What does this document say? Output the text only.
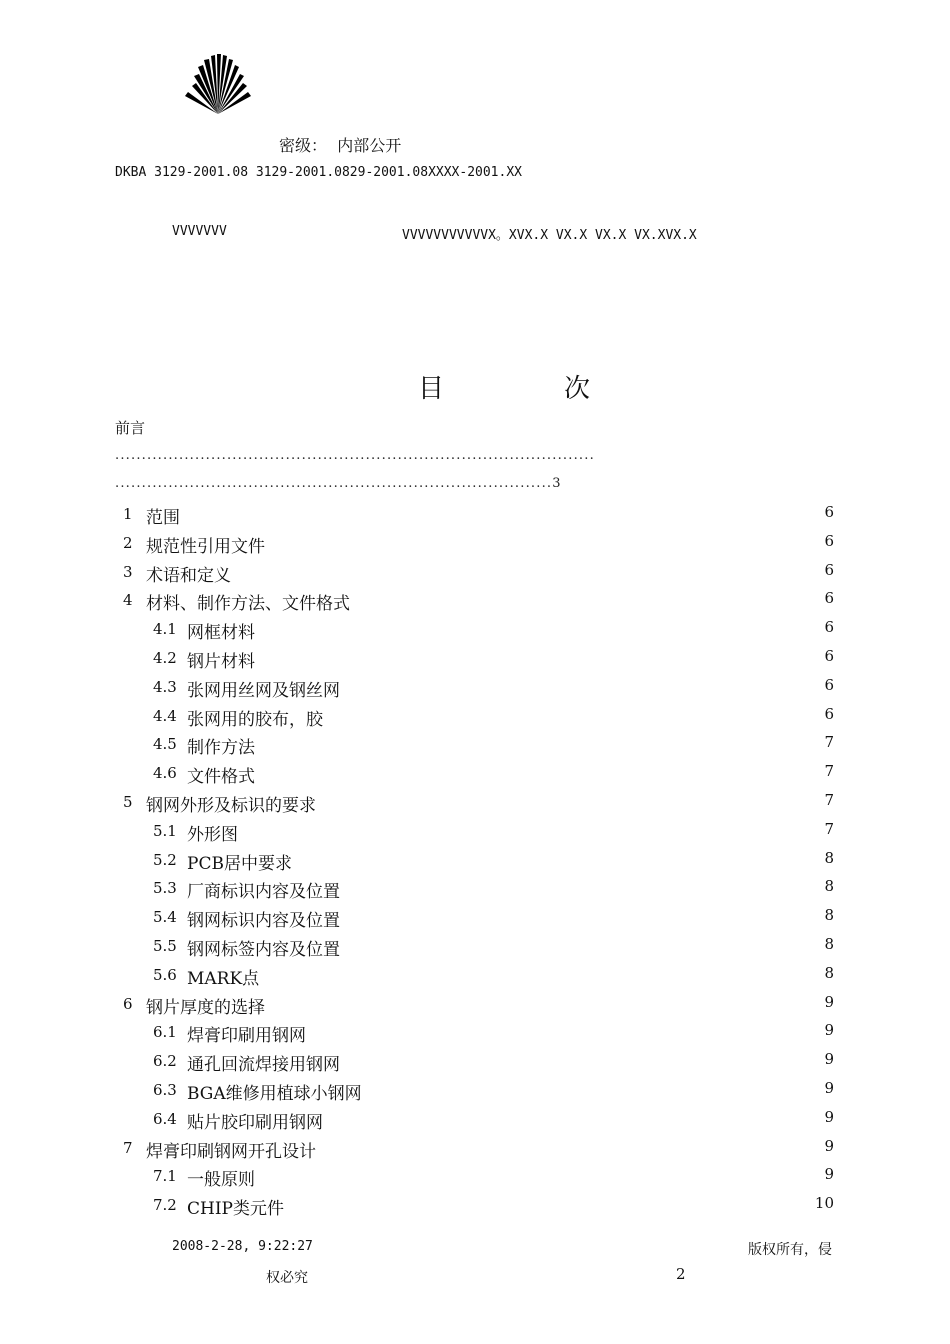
密级： 内部公开
DKBA 3129-2001.08 3129-2001.0829-2001.08XXXX-2001.XX
VVVVVVV	VVVVVVVVVVVX。XVX.X VX.X VX.X VX.XVX.X
目	次
前言
..........................................................................................
..................................................................................3
1 范围	6
2 规范性引用文件	6
3 术语和定义	6
4 材料、制作方法、文件格式	6
4.1 网框材料	6
4.2 钢片材料	6
4.3 张网用丝网及钢丝网	6
4.4 张网用的胶布，胶	6
4.5 制作方法	7
4.6 文件格式	7
5 钢网外形及标识的要求	7
5.1 外形图	7
5.2 PCB居中要求	8
5.3 厂商标识内容及位置	8
5.4 钢网标识内容及位置	8
5.5 钢网标签内容及位置	8
5.6 MARK点	8
6 钢片厚度的选择	9
6.1 焊膏印刷用钢网	9
6.2 通孔回流焊接用钢网	9
6.3 BGA维修用植球小钢网	9
6.4 贴片胶印刷用钢网	9
7 焊膏印刷钢网开孔设计	9
7.1 一般原则	9
7.2 CHIP类元件	10
2008-2-28, 9:22:27	版权所有，侵
权必究	2
